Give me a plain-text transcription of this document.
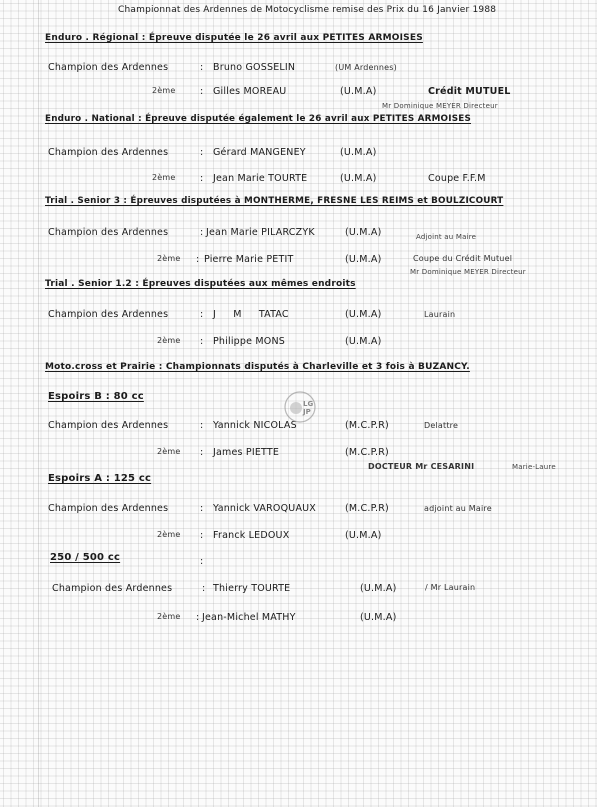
Championnat des Ardennes de Motocyclisme remise des Prix du 16 Janvier 1988
Enduro . Régional : Épreuve disputée le 26 avril aux PETITES ARMOISES
Champion des Ardennes	: Bruno GOSSELIN	(UM Ardennes)
2ème	: Gilles MOREAU	(U.M.A)	Crédit MUTUEL
Mr Dominique MEYER Directeur
Enduro . National : Épreuve disputée également le 26 avril aux PETITES ARMOISES
Champion des Ardennes	: Gérard MANGENEY	(U.M.A)
2ème	: Jean Marie TOURTE	(U.M.A)	Coupe F.F.M
Trial . Senior 3 : Épreuves disputées à MONTHERME, FRESNE LES REIMS et BOULZICOURT
Champion des Ardennes	: Jean Marie PILARCZYK	(U.M.A)	Adjoint au Maire
2ème : Pierre Marie PETIT	(U.M.A)	Coupe du Crédit Mutuel
Mr Dominique MEYER Directeur
Trial . Senior 1.2 : Épreuves disputées aux mêmes endroits
Champion des Ardennes	: J M TATAC	(U.M.A)	Laurain
2ème : Philippe MONS	(U.M.A)
Moto.cross et Prairie : Championnats disputés à Charleville et 3 fois à BUZANCY.
Espoirs B : 80 cc
Champion des Ardennes	: Yannick NICOLAS	(M.C.P.R)	Delattre
2ème : James PIETTE	(M.C.P.R)
DOCTEUR Mr CESARINI	Marie-Laure
Espoirs A : 125 cc
Champion des Ardennes	: Yannick VAROQUAUX	(M.C.P.R)	adjoint au Maire
2ème : Franck LEDOUX	(U.M.A)
250 / 500 cc	:
Champion des Ardennes	: Thierry TOURTE	(U.M.A)	/ Mr Laurain
2ème : Jean-Michel MATHY	(U.M.A)
LG
JP
